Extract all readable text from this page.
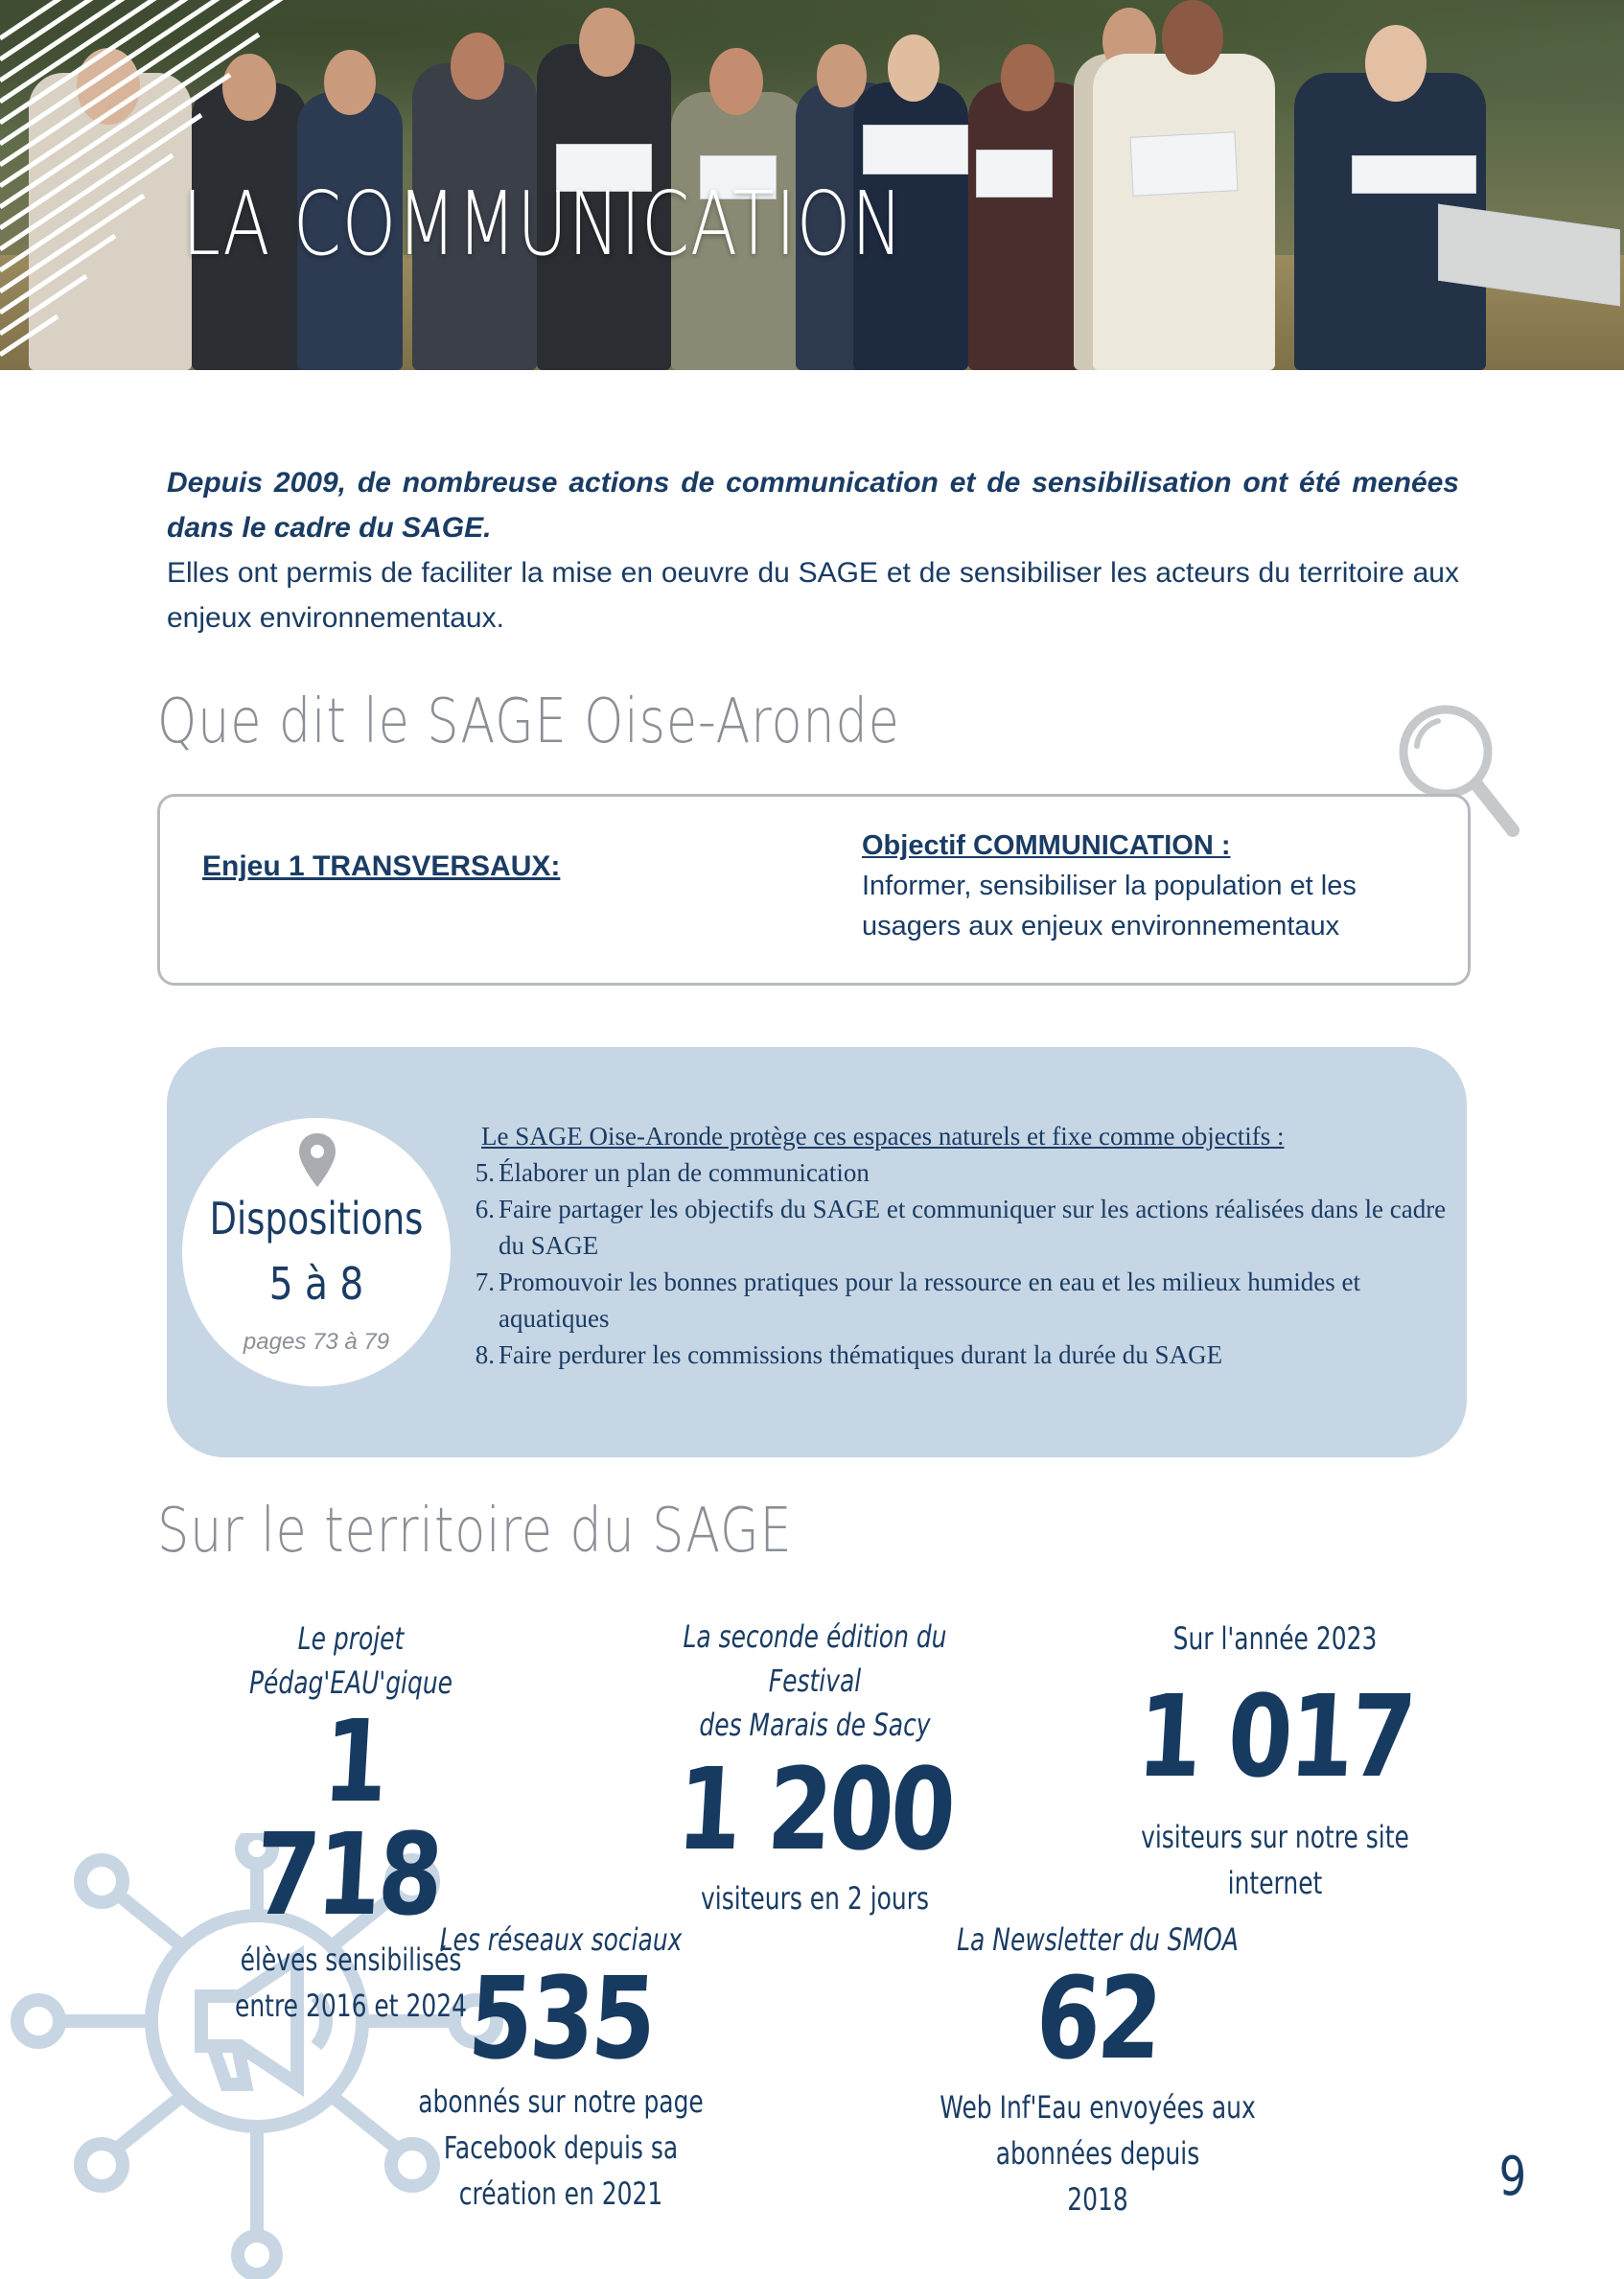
LA COMMUNICATION
Depuis 2009, de nombreuse actions de communication et de sensibilisation ont été menées dans le cadre du SAGE.
Elles ont permis de faciliter la mise en oeuvre du SAGE et de sensibiliser les acteurs du territoire aux enjeux environnementaux.
Que dit le SAGE Oise-Aronde
Enjeu 1 TRANSVERSAUX:
Objectif COMMUNICATION :
Informer, sensibiliser la population et les usagers aux enjeux environnementaux
Dispositions
5 à 8
pages 73 à 79
Le SAGE Oise-Aronde protège ces espaces naturels et fixe comme objectifs :
5. Élaborer un plan de communication
6. Faire partager les objectifs du SAGE et communiquer sur les actions réalisées dans le cadre du SAGE
7. Promouvoir les bonnes pratiques pour la ressource en eau et les milieux humides et aquatiques
8. Faire perdurer les commissions thématiques durant la durée du SAGE
Sur le territoire du SAGE
Le projet Pédag'EAU'gique
1 718
élèves sensibilisés
entre 2016 et 2024
La seconde édition du Festival
des Marais de Sacy
1 200
visiteurs en 2 jours
Sur l'année 2023
1 017
visiteurs sur notre site internet
Les réseaux sociaux
535
abonnés sur notre page Facebook depuis sa
création en 2021
La Newsletter du SMOA
62
Web Inf'Eau envoyées aux abonnées depuis
2018	9
